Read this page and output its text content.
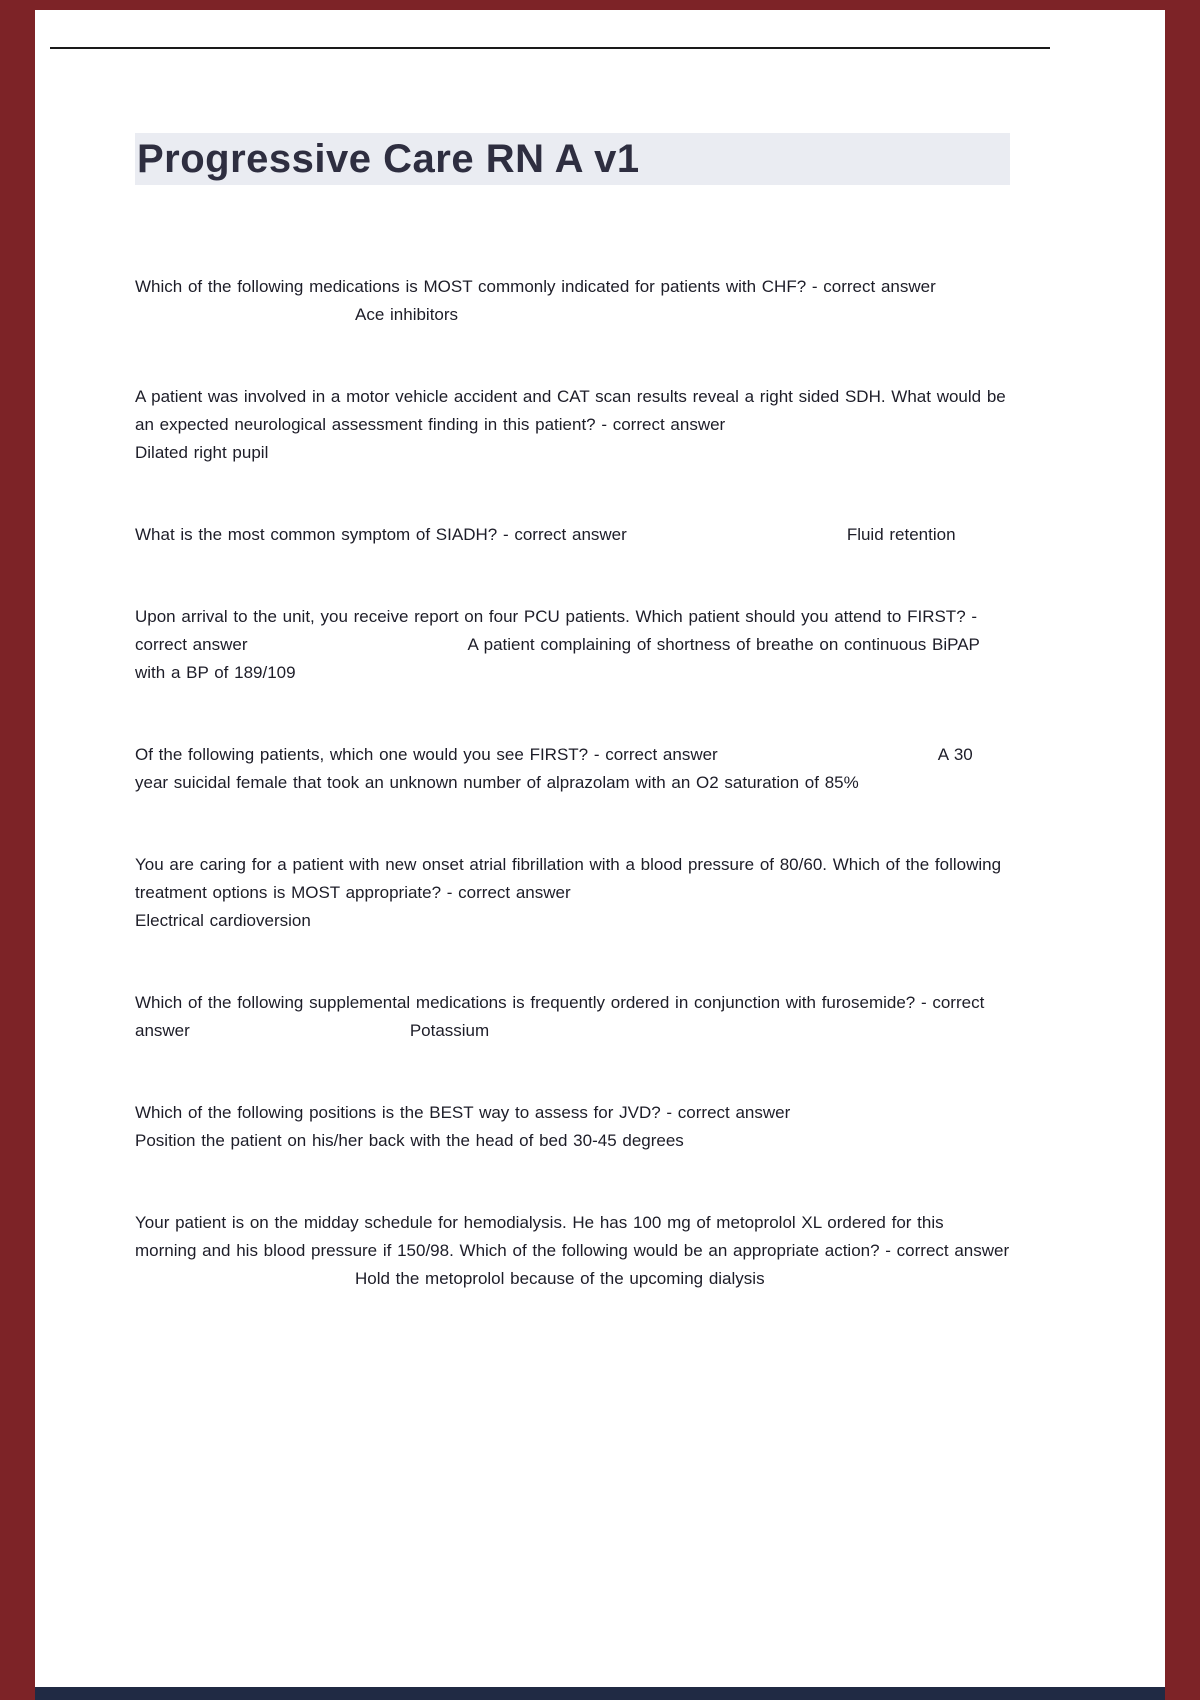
Progressive Care RN A v1

Which of the following medications is MOST commonly indicated for patients with CHF? - correct answerAce inhibitors

A patient was involved in a motor vehicle accident and CAT scan results reveal a right sided SDH. What would be an expected neurological assessment finding in this patient? - correct answer
Dilated right pupil

What is the most common symptom of SIADH? - correct answer	Fluid retention

Upon arrival to the unit, you receive report on four PCU patients. Which patient should you attend to FIRST? - correct answer	A patient complaining of shortness of breathe on continuous BiPAP with a BP of 189/109

Of the following patients, which one would you see FIRST? - correct answer	A 30 year suicidal female that took an unknown number of alprazolam with an O2 saturation of 85%

You are caring for a patient with new onset atrial fibrillation with a blood pressure of 80/60. Which of the following treatment options is MOST appropriate? - correct answer
Electrical cardioversion

Which of the following supplemental medications is frequently ordered in conjunction with furosemide? - correct answer	Potassium

Which of the following positions is the BEST way to assess for JVD? - correct answer
Position the patient on his/her back with the head of bed 30-45 degrees

Your patient is on the midday schedule for hemodialysis. He has 100 mg of metoprolol XL ordered for this morning and his blood pressure if 150/98. Which of the following would be an appropriate action? - correct answerHold the metoprolol because of the upcoming dialysis
